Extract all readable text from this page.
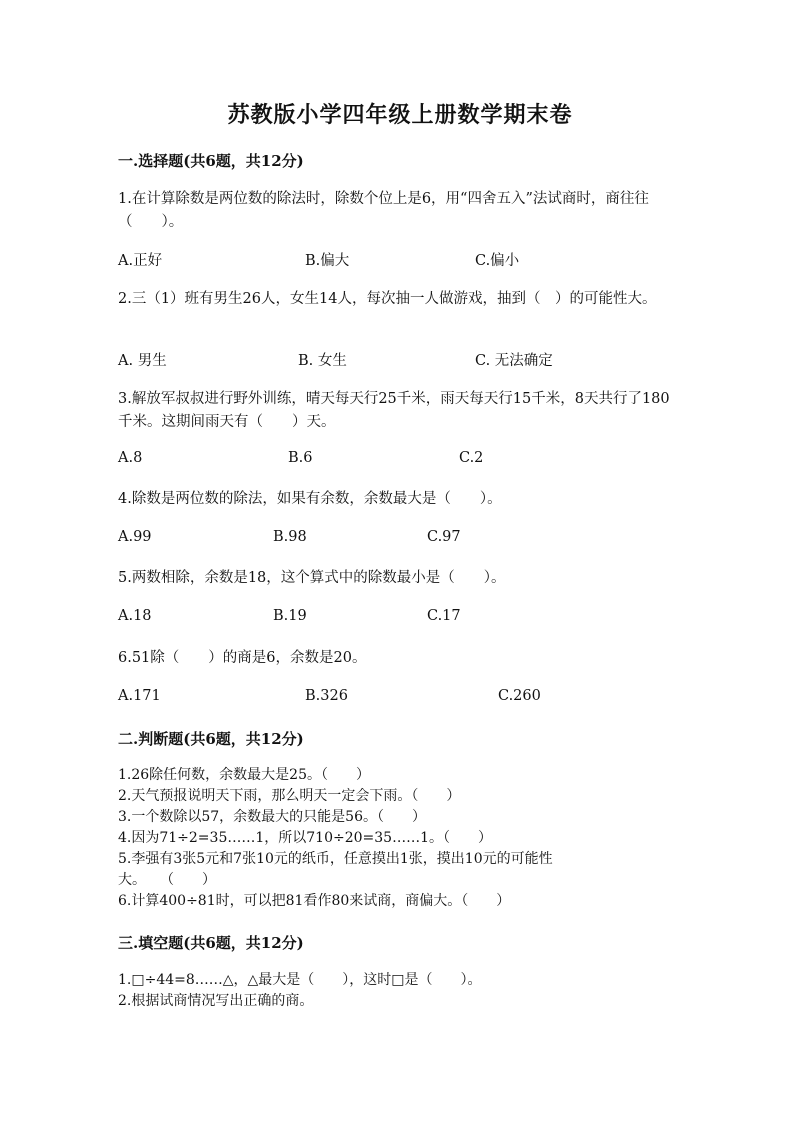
苏教版小学四年级上册数学期末卷
一.选择题(共6题，共12分)
1.在计算除数是两位数的除法时，除数个位上是6，用“四舍五入”法试商时，商往往（　　）。
A.正好	B.偏大	C.偏小
2.三（1）班有男生26人，女生14人，每次抽一人做游戏，抽到（　）的可能性大。
A. 男生	B. 女生	C. 无法确定
3.解放军叔叔进行野外训练，晴天每天行25千米，雨天每天行15千米，8天共行了180千米。这期间雨天有（　　）天。
A.8	B.6	C.2
4.除数是两位数的除法，如果有余数，余数最大是（　　）。
A.99	B.98	C.97
5.两数相除，余数是18，这个算式中的除数最小是（　　）。
A.18	B.19	C.17
6.51除（　　）的商是6，余数是20。
A.171	B.326	C.260
二.判断题(共6题，共12分)
1.26除任何数，余数最大是25。（　　）
2.天气预报说明天下雨，那么明天一定会下雨。（　　）
3.一个数除以57，余数最大的只能是56。（　　）
4.因为71÷2=35……1，所以710÷20=35……1。（　　）
5.李强有3张5元和7张10元的纸币，任意摸出1张，摸出10元的可能性
大。　　（　　）
6.计算400÷81时，可以把81看作80来试商，商偏大。（　　）
三.填空题(共6题，共12分)
1.□÷44=8……△，△最大是（　　），这时□是（　　）。
2.根据试商情况写出正确的商。
